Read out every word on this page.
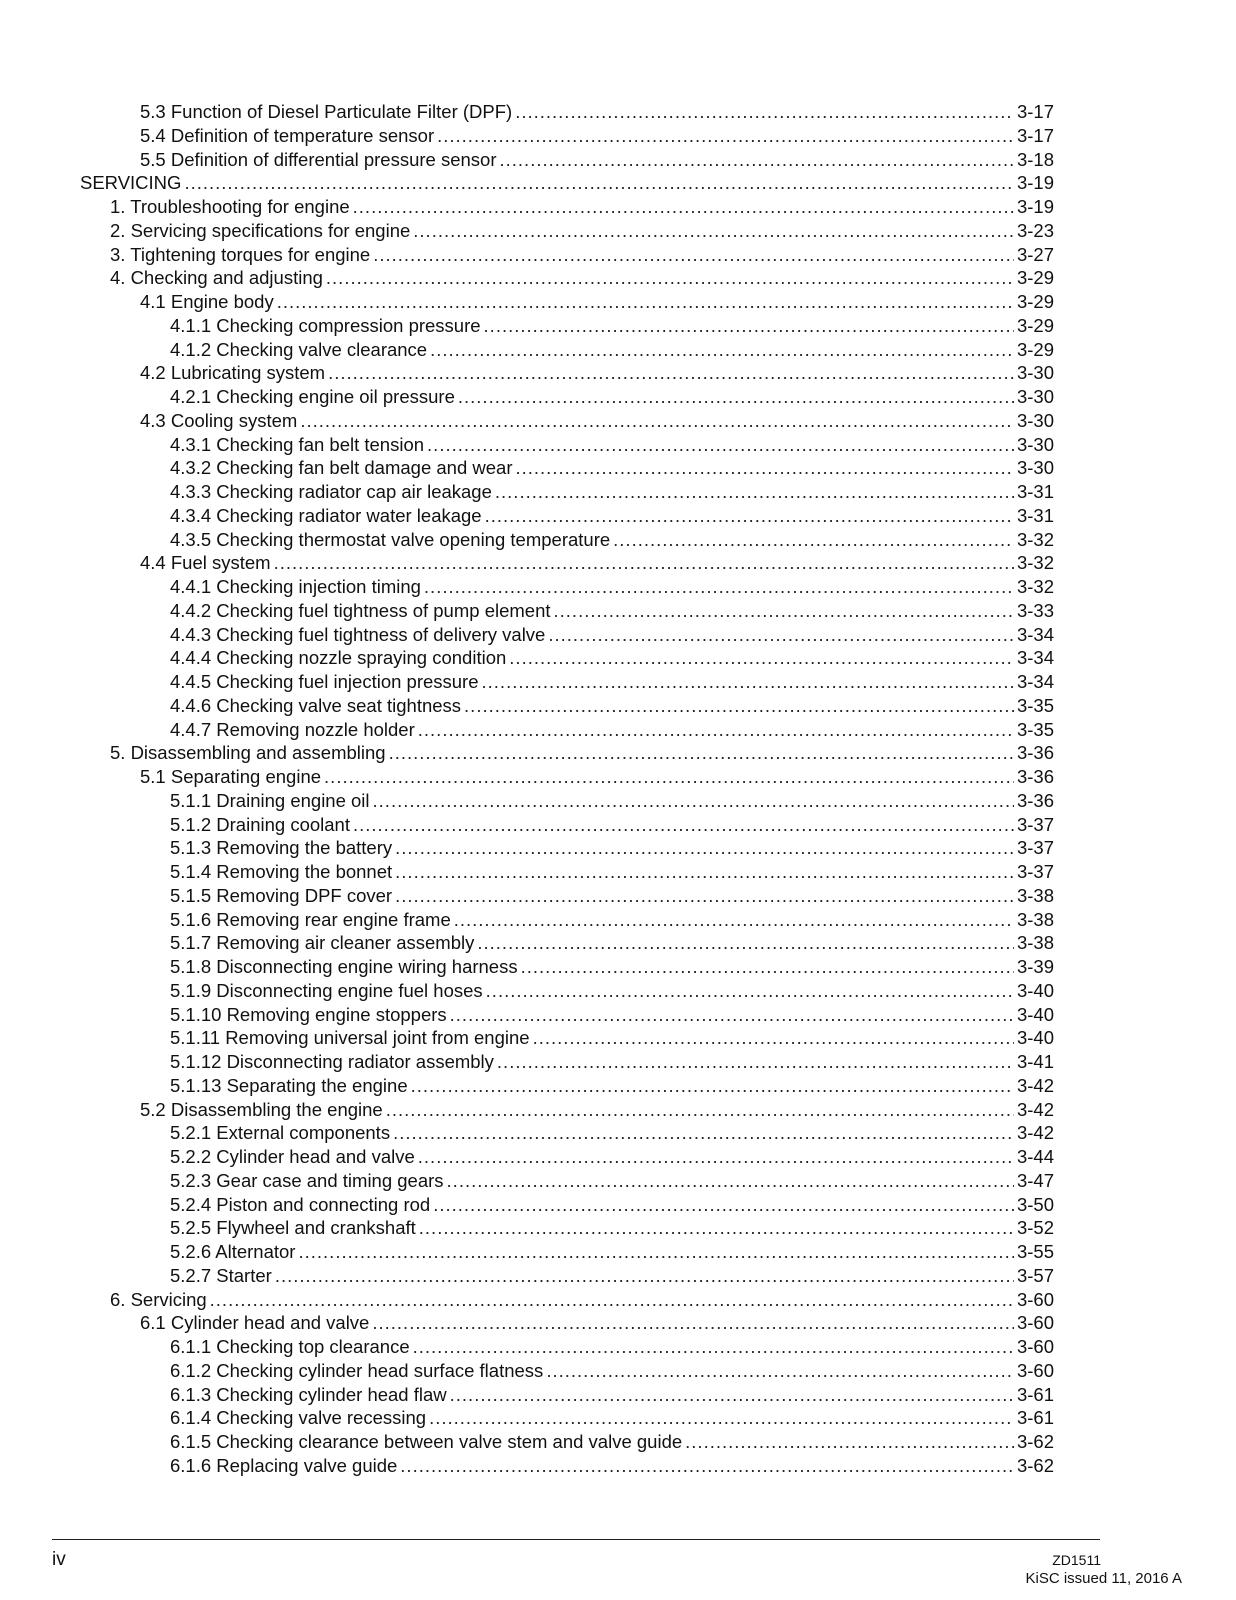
5.3 Function of Diesel Particulate Filter (DPF) .....	3-17
5.4 Definition of temperature sensor .....	3-17
5.5 Definition of differential pressure sensor .....	3-18
SERVICING .....	3-19
1. Troubleshooting for engine .....	3-19
2. Servicing specifications for engine .....	3-23
3. Tightening torques for engine .....	3-27
4. Checking and adjusting .....	3-29
4.1 Engine body .....	3-29
4.1.1 Checking compression pressure .....	3-29
4.1.2 Checking valve clearance .....	3-29
4.2 Lubricating system .....	3-30
4.2.1 Checking engine oil pressure .....	3-30
4.3 Cooling system .....	3-30
4.3.1 Checking fan belt tension .....	3-30
4.3.2 Checking fan belt damage and wear .....	3-30
4.3.3 Checking radiator cap air leakage .....	3-31
4.3.4 Checking radiator water leakage .....	3-31
4.3.5 Checking thermostat valve opening temperature .....	3-32
4.4 Fuel system .....	3-32
4.4.1 Checking injection timing .....	3-32
4.4.2 Checking fuel tightness of pump element .....	3-33
4.4.3 Checking fuel tightness of delivery valve .....	3-34
4.4.4 Checking nozzle spraying condition .....	3-34
4.4.5 Checking fuel injection pressure .....	3-34
4.4.6 Checking valve seat tightness .....	3-35
4.4.7 Removing nozzle holder .....	3-35
5. Disassembling and assembling .....	3-36
5.1 Separating engine .....	3-36
5.1.1 Draining engine oil .....	3-36
5.1.2 Draining coolant .....	3-37
5.1.3 Removing the battery .....	3-37
5.1.4 Removing the bonnet .....	3-37
5.1.5 Removing DPF cover .....	3-38
5.1.6 Removing rear engine frame .....	3-38
5.1.7 Removing air cleaner assembly .....	3-38
5.1.8 Disconnecting engine wiring harness .....	3-39
5.1.9 Disconnecting engine fuel hoses .....	3-40
5.1.10 Removing engine stoppers .....	3-40
5.1.11 Removing universal joint from engine .....	3-40
5.1.12 Disconnecting radiator assembly .....	3-41
5.1.13 Separating the engine .....	3-42
5.2 Disassembling the engine .....	3-42
5.2.1 External components .....	3-42
5.2.2 Cylinder head and valve .....	3-44
5.2.3 Gear case and timing gears .....	3-47
5.2.4 Piston and connecting rod .....	3-50
5.2.5 Flywheel and crankshaft .....	3-52
5.2.6 Alternator .....	3-55
5.2.7 Starter .....	3-57
6. Servicing .....	3-60
6.1 Cylinder head and valve .....	3-60
6.1.1 Checking top clearance .....	3-60
6.1.2 Checking cylinder head surface flatness .....	3-60
6.1.3 Checking cylinder head flaw .....	3-61
6.1.4 Checking valve recessing .....	3-61
6.1.5 Checking clearance between valve stem and valve guide .....	3-62
6.1.6 Replacing valve guide .....	3-62
iv	ZD1511
KiSC issued 11, 2016 A
